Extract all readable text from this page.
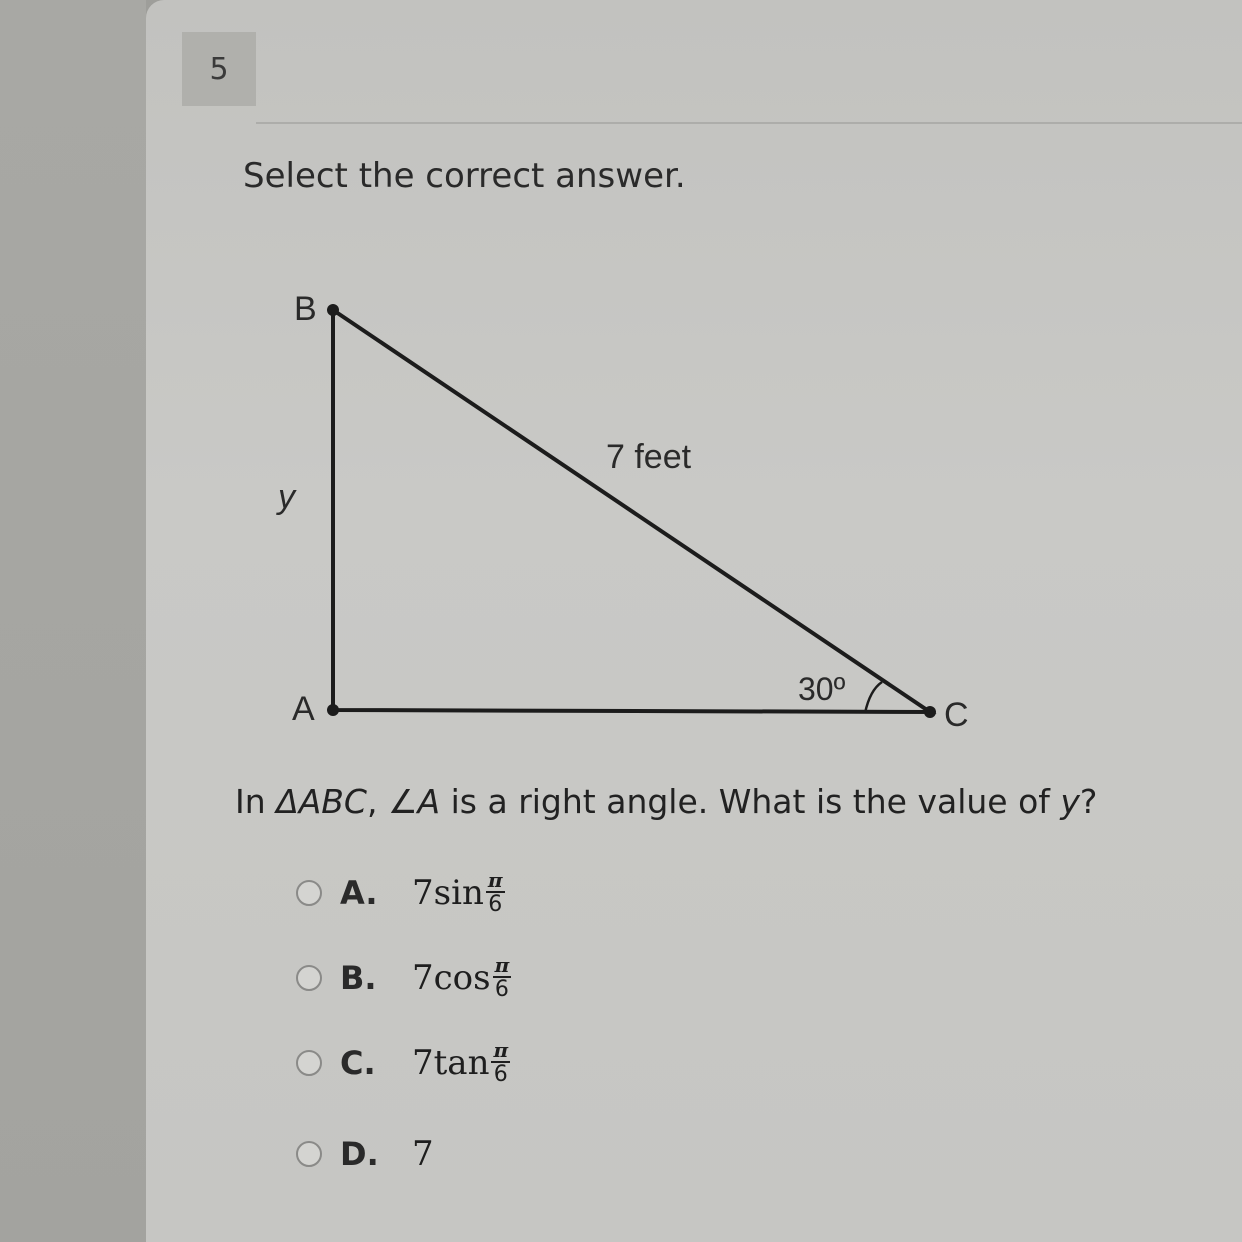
5
Select the correct answer.
B
A	C
y
7 feet
30º
In ΔABC, ∠A is a right angle. What is the value of y?
A.	7 $\sin \frac{\pi}{6}$
B.	7 $\cos \frac{\pi}{6}$
C.	7 $\tan \frac{\pi}{6}$
D. 7
